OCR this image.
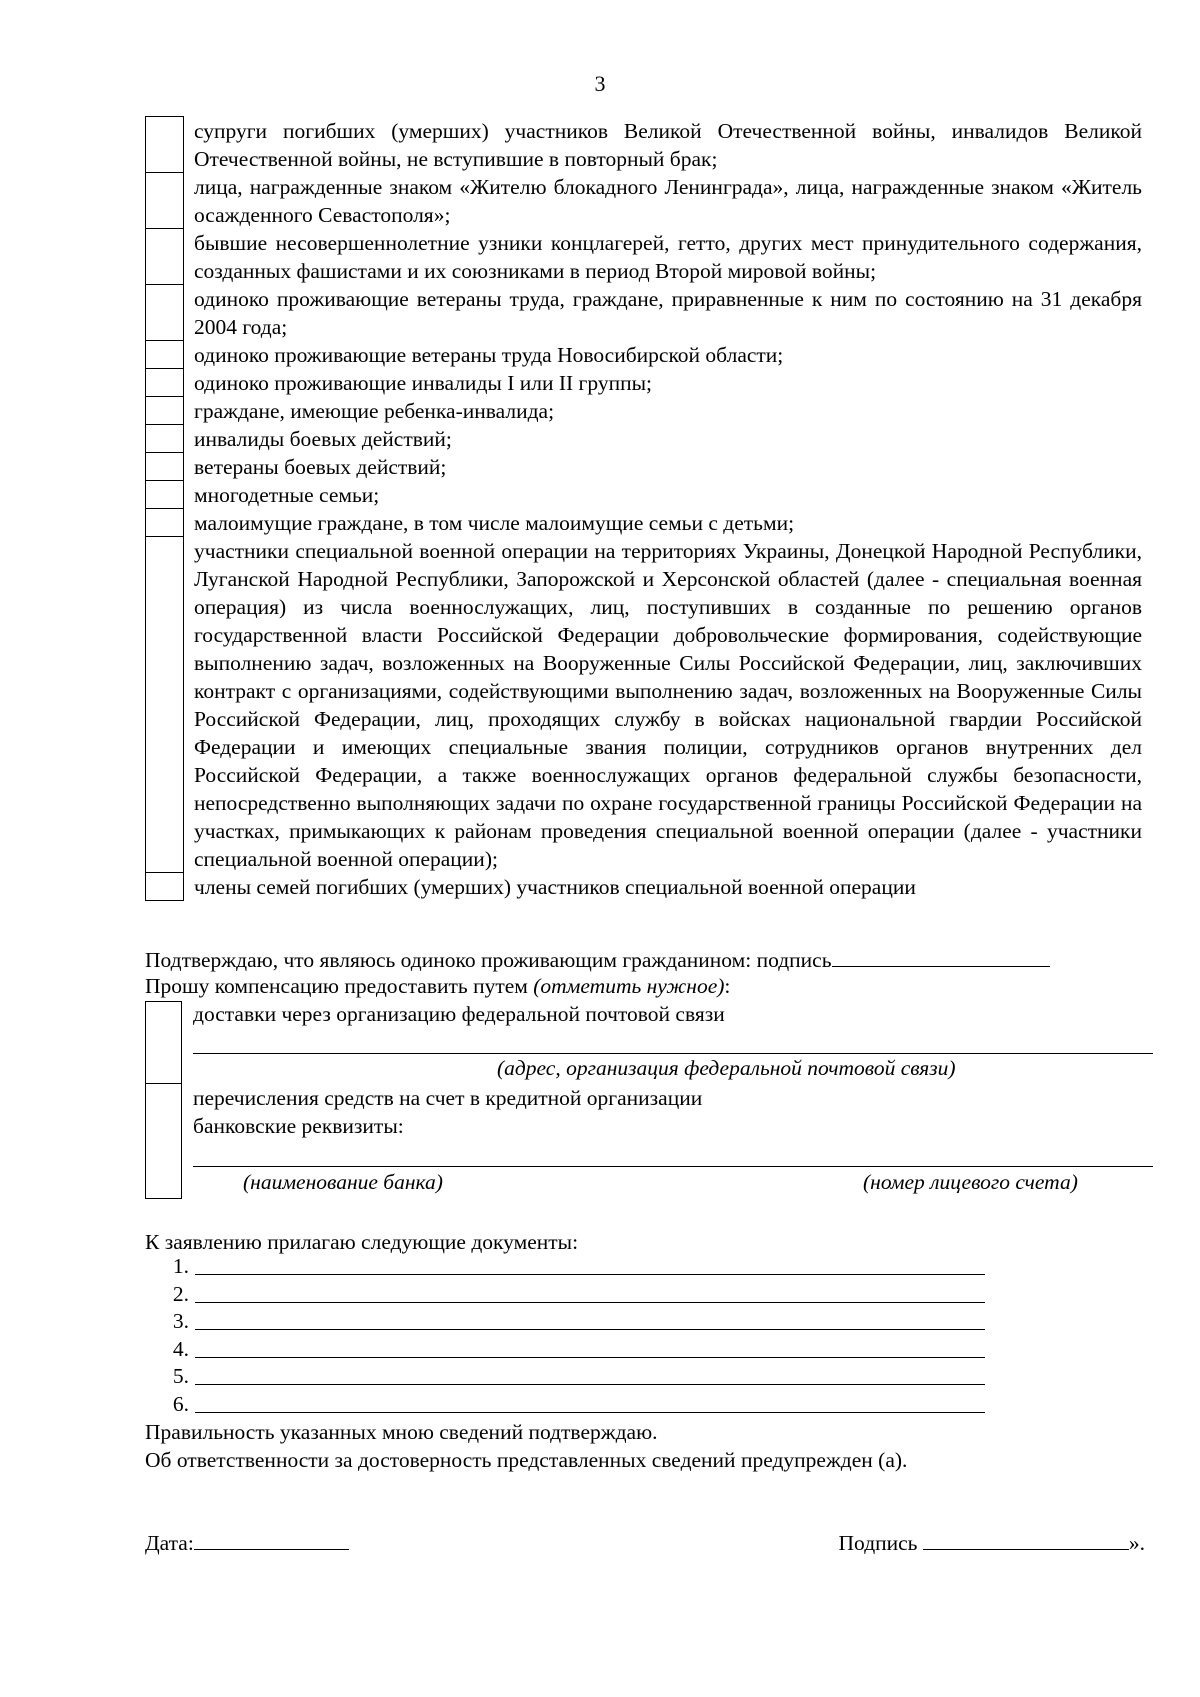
3
	супруги погибших (умерших) участников Великой Отечественной войны, инвалидов Великой Отечественной войны, не вступившие в повторный брак;
	лица, награжденные знаком «Жителю блокадного Ленинграда», лица, награжденные знаком «Житель осажденного Севастополя»;
	бывшие несовершеннолетние узники концлагерей, гетто, других мест принудительного содержания, созданных фашистами и их союзниками в период Второй мировой войны;
	одиноко проживающие ветераны труда, граждане, приравненные к ним по состоянию на 31 декабря 2004 года;
	одиноко проживающие ветераны труда Новосибирской области;
	одиноко проживающие инвалиды I или II группы;
	граждане, имеющие ребенка-инвалида;
	инвалиды боевых действий;
	ветераны боевых действий;
	многодетные семьи;
	малоимущие граждане, в том числе малоимущие семьи с детьми;
	участники специальной военной операции на территориях Украины, Донецкой Народной Республики, Луганской Народной Республики, Запорожской и Херсонской областей (далее - специальная военная операция) из числа военнослужащих, лиц, поступивших в созданные по решению органов государственной власти Российской Федерации добровольческие формирования, содействующие выполнению задач, возложенных на Вооруженные Силы Российской Федерации, лиц, заключивших контракт с организациями, содействующими выполнению задач, возложенных на Вооруженные Силы Российской Федерации, лиц, проходящих службу в войсках национальной гвардии Российской Федерации и имеющих специальные звания полиции, сотрудников органов внутренних дел Российской Федерации, а также военнослужащих органов федеральной службы безопасности, непосредственно выполняющих задачи по охране государственной границы Российской Федерации на участках, примыкающих к районам проведения специальной военной операции (далее - участники специальной военной операции);
	члены семей погибших (умерших) участников специальной военной операции
Подтверждаю, что являюсь одиноко проживающим гражданином: подпись
Прошу компенсацию предоставить путем (отметить нужное):
доставки через организацию федеральной почтовой связи
(адрес, организация федеральной почтовой связи)
перечисления средств на счет в кредитной организации
банковские реквизиты:
(наименование банка)	(номер лицевого счета)
К заявлению прилагаю следующие документы:
1.
2.
3.
4.
5.
6.
Правильность указанных мною сведений подтверждаю.
Об ответственности за достоверность представленных сведений предупрежден (а).
Дата:	Подпись	».
